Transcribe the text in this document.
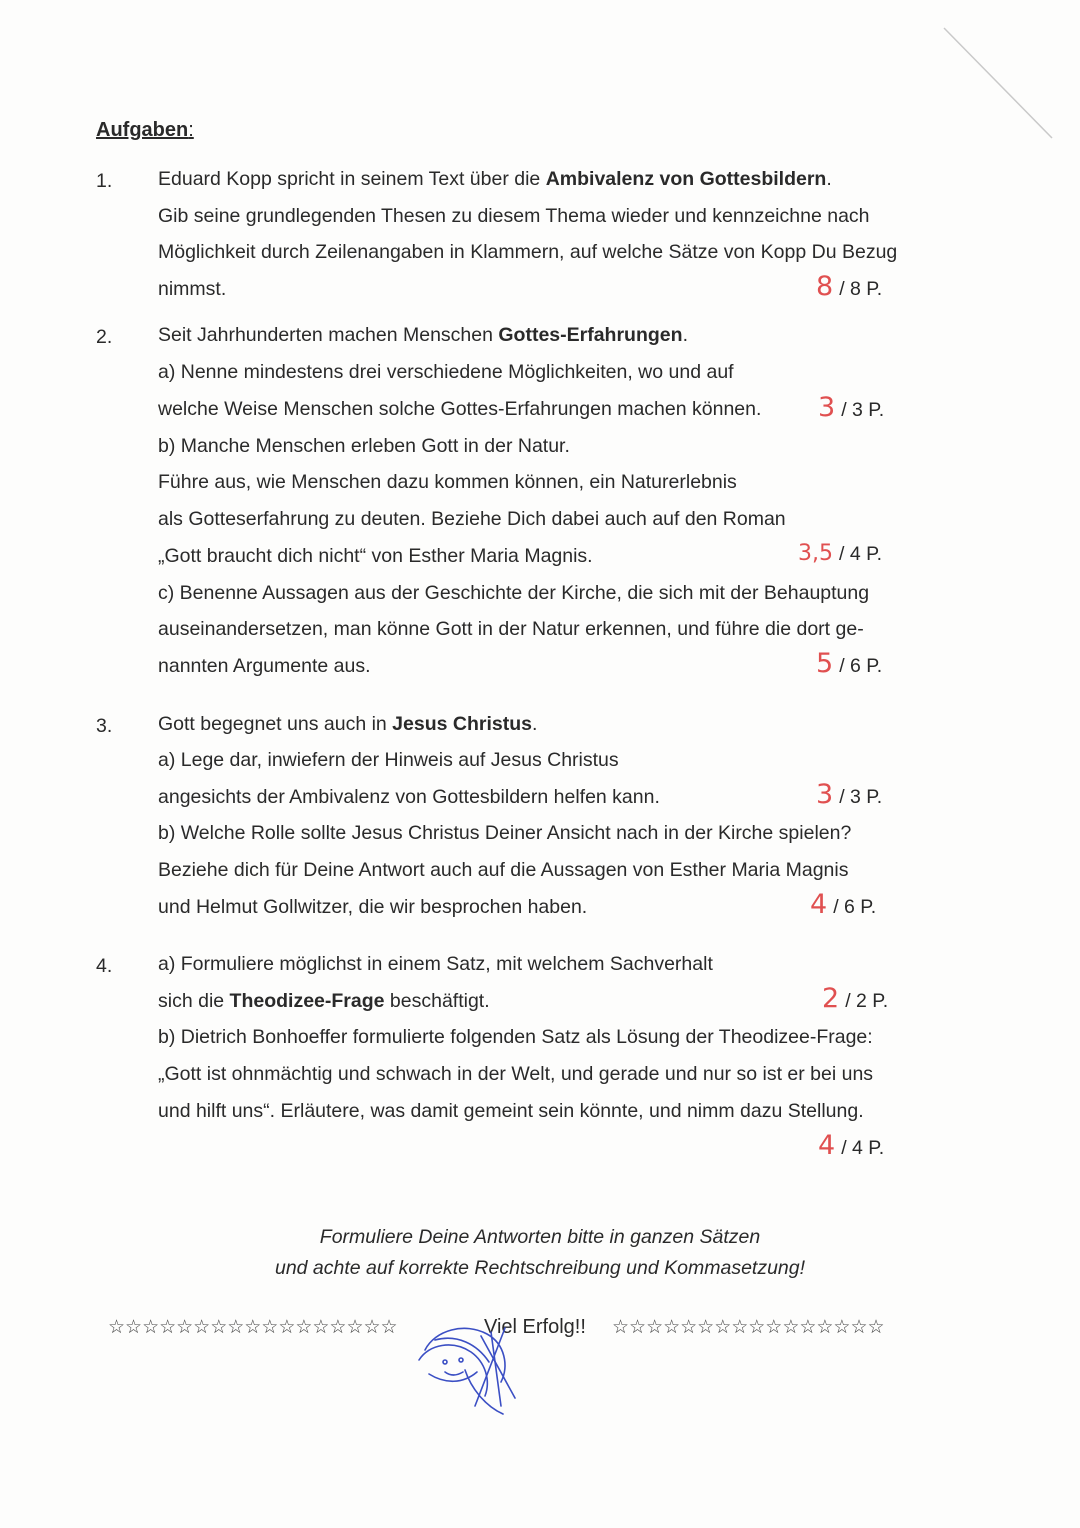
Aufgaben:
1. Eduard Kopp spricht in seinem Text über die Ambivalenz von Gottesbildern.
Gib seine grundlegenden Thesen zu diesem Thema wieder und kennzeichne nach
Möglichkeit durch Zeilenangaben in Klammern, auf welche Sätze von Kopp Du Bezug
nimmst.	8 / 8 P.
2. Seit Jahrhunderten machen Menschen Gottes-Erfahrungen.
a) Nenne mindestens drei verschiedene Möglichkeiten, wo und auf
welche Weise Menschen solche Gottes-Erfahrungen machen können. 3 / 3 P.
b) Manche Menschen erleben Gott in der Natur.
Führe aus, wie Menschen dazu kommen können, ein Naturerlebnis
als Gotteserfahrung zu deuten. Beziehe Dich dabei auch auf den Roman
„Gott braucht dich nicht“ von Esther Maria Magnis.	3,5 / 4 P.
c) Benenne Aussagen aus der Geschichte der Kirche, die sich mit der Behauptung
auseinandersetzen, man könne Gott in der Natur erkennen, und führe die dort ge-
nannten Argumente aus.	5 / 6 P.
3. Gott begegnet uns auch in Jesus Christus.
a) Lege dar, inwiefern der Hinweis auf Jesus Christus
angesichts der Ambivalenz von Gottesbildern helfen kann.	3 / 3 P.
b) Welche Rolle sollte Jesus Christus Deiner Ansicht nach in der Kirche spielen?
Beziehe dich für Deine Antwort auch auf die Aussagen von Esther Maria Magnis
und Helmut Gollwitzer, die wir besprochen haben.	4 / 6 P.
4. a) Formuliere möglichst in einem Satz, mit welchem Sachverhalt
sich die Theodizee-Frage beschäftigt.	2 / 2 P.
b) Dietrich Bonhoeffer formulierte folgenden Satz als Lösung der Theodizee-Frage:
„Gott ist ohnmächtig und schwach in der Welt, und gerade und nur so ist er bei uns
und hilft uns“. Erläutere, was damit gemeint sein könnte, und nimm dazu Stellung.
4 / 4 P.
Formuliere Deine Antworten bitte in ganzen Sätzen
und achte auf korrekte Rechtschreibung und Kommasetzung!
☆☆☆☆☆☆☆☆☆☆☆☆☆☆☆☆☆	Viel Erfolg!! ☆☆☆☆☆☆☆☆☆☆☆☆☆☆☆☆
